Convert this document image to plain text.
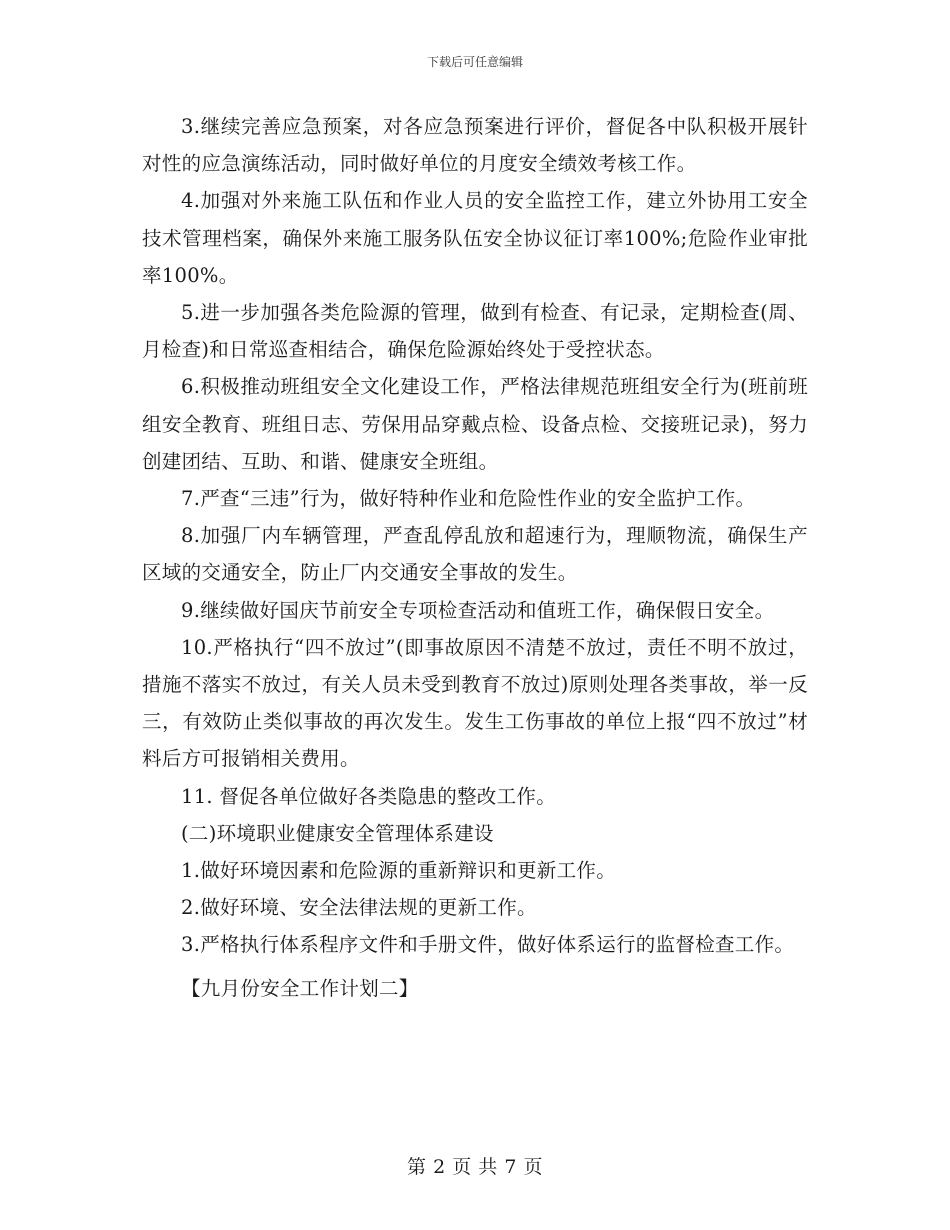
下载后可任意编辑

3.继续完善应急预案，对各应急预案进行评价，督促各中队积极开展针对性的应急演练活动，同时做好单位的月度安全绩效考核工作。

4.加强对外来施工队伍和作业人员的安全监控工作，建立外协用工安全技术管理档案，确保外来施工服务队伍安全协议征订率100%;危险作业审批率100%。

5.进一步加强各类危险源的管理，做到有检查、有记录，定期检查(周、月检查)和日常巡查相结合，确保危险源始终处于受控状态。

6.积极推动班组安全文化建设工作，严格法律规范班组安全行为(班前班组安全教育、班组日志、劳保用品穿戴点检、设备点检、交接班记录)，努力创建团结、互助、和谐、健康安全班组。

7.严查“三违”行为，做好特种作业和危险性作业的安全监护工作。

8.加强厂内车辆管理，严查乱停乱放和超速行为，理顺物流，确保生产区域的交通安全，防止厂内交通安全事故的发生。

9.继续做好国庆节前安全专项检查活动和值班工作，确保假日安全。

10.严格执行“四不放过”(即事故原因不清楚不放过，责任不明不放过，措施不落实不放过，有关人员未受到教育不放过)原则处理各类事故，举一反三，有效防止类似事故的再次发生。发生工伤事故的单位上报“四不放过”材料后方可报销相关费用。

11. 督促各单位做好各类隐患的整改工作。

(二)环境职业健康安全管理体系建设

1.做好环境因素和危险源的重新辩识和更新工作。

2.做好环境、安全法律法规的更新工作。

3.严格执行体系程序文件和手册文件，做好体系运行的监督检查工作。

【九月份安全工作计划二】

第 2 页 共 7 页
